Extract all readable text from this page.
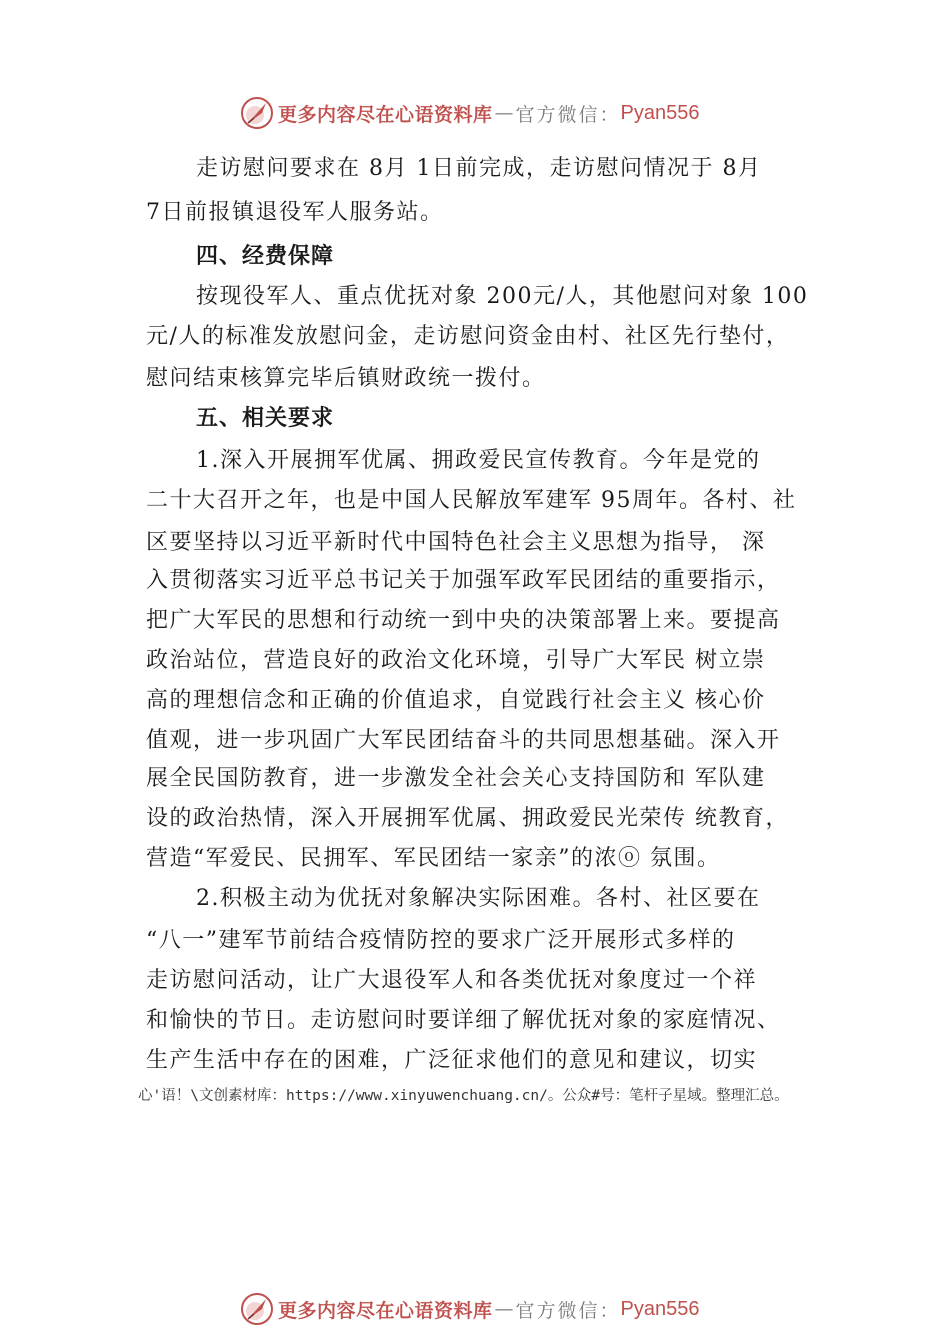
更多内容尽在心语资料库 — 官方微信： Pyan556
走访慰问要求在 8月 1日前完成，走访慰问情况于 8月
7日前报镇退役军人服务站。
四、经费保障
按现役军人、重点优抚对象 200元/人，其他慰问对象 100
元/人的标准发放慰问金，走访慰问资金由村、社区先行垫付，
慰问结束核算完毕后镇财政统一拨付。
五、相关要求
1.深入开展拥军优属、拥政爱民宣传教育。今年是党的
二十大召开之年，也是中国人民解放军建军 95周年。各村、社
区要坚持以习近平新时代中国特色社会主义思想为指导， 深
入贯彻落实习近平总书记关于加强军政军民团结的重要指示，
把广大军民的思想和行动统一到中央的决策部署上来。要提高
政治站位，营造良好的政治文化环境，引导广大军民 树立崇
高的理想信念和正确的价值追求，自觉践行社会主义 核心价
值观，进一步巩固广大军民团结奋斗的共同思想基础。深入开
展全民国防教育，进一步激发全社会关心支持国防和 军队建
设的政治热情，深入开展拥军优属、拥政爱民光荣传 统教育，
营造“军爱民、民拥军、军民团结一家亲”的浓ⓞ 氛围。
2.积极主动为优抚对象解决实际困难。各村、社区要在
“八一”建军节前结合疫情防控的要求广泛开展形式多样的
走访慰问活动，让广大退役军人和各类优抚对象度过一个祥
和愉快的节日。走访慰问时要详细了解优抚对象的家庭情况、
生产生活中存在的困难，广泛征求他们的意见和建议，切实
心'语！\文创素材库：https://www.xinyuwenchuang.cn/。公众#号：笔杆子星域。整理汇总。
更多内容尽在心语资料库 — 官方微信： Pyan556
